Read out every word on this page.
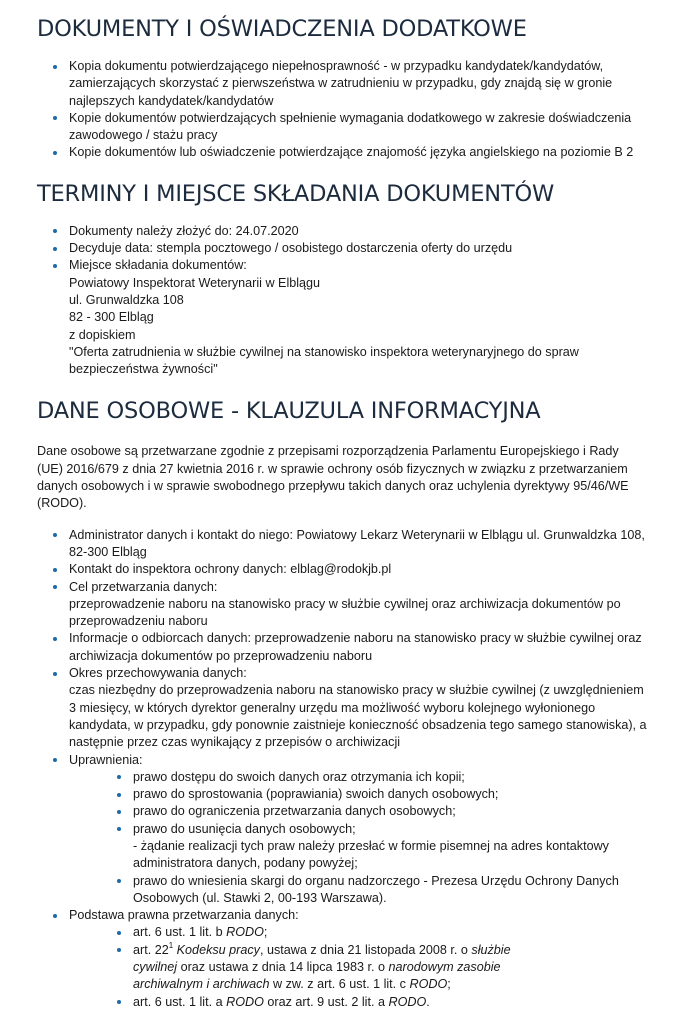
DOKUMENTY I OŚWIADCZENIA DODATKOWE
Kopia dokumentu potwierdzającego niepełnosprawność - w przypadku kandydatek/kandydatów, zamierzających skorzystać z pierwszeństwa w zatrudnieniu w przypadku, gdy znajdą się w gronie najlepszych kandydatek/kandydatów
Kopie dokumentów potwierdzających spełnienie wymagania dodatkowego w zakresie doświadczenia zawodowego / stażu pracy
Kopie dokumentów lub oświadczenie potwierdzające znajomość języka angielskiego na poziomie B 2
TERMINY I MIEJSCE SKŁADANIA DOKUMENTÓW
Dokumenty należy złożyć do: 24.07.2020
Decyduje data: stempla pocztowego / osobistego dostarczenia oferty do urzędu
Miejsce składania dokumentów:
Powiatowy Inspektorat Weterynarii w Elblągu
ul. Grunwaldzka 108
82 - 300 Elbląg
z dopiskiem
"Oferta zatrudnienia w służbie cywilnej na stanowisko inspektora weterynaryjnego do spraw bezpieczeństwa żywności"
DANE OSOBOWE - KLAUZULA INFORMACYJNA

Dane osobowe są przetwarzane zgodnie z przepisami rozporządzenia Parlamentu Europejskiego i Rady (UE) 2016/679 z dnia 27 kwietnia 2016 r. w sprawie ochrony osób fizycznych w związku z przetwarzaniem danych osobowych i w sprawie swobodnego przepływu takich danych oraz uchylenia dyrektywy 95/46/WE (RODO).

Administrator danych i kontakt do niego: Powiatowy Lekarz Weterynarii w Elblągu ul. Grunwaldzka 108, 82-300 Elbląg
Kontakt do inspektora ochrony danych: elblag@rodokjb.pl
Cel przetwarzania danych:
przeprowadzenie naboru na stanowisko pracy w służbie cywilnej oraz archiwizacja dokumentów po przeprowadzeniu naboru
Informacje o odbiorcach danych: przeprowadzenie naboru na stanowisko pracy w służbie cywilnej oraz archiwizacja dokumentów po przeprowadzeniu naboru
Okres przechowywania danych:
czas niezbędny do przeprowadzenia naboru na stanowisko pracy w służbie cywilnej (z uwzględnieniem 3 miesięcy, w których dyrektor generalny urzędu ma możliwość wyboru kolejnego wyłonionego kandydata, w przypadku, gdy ponownie zaistnieje konieczność obsadzenia tego samego stanowiska), a następnie przez czas wynikający z przepisów o archiwizacji
Uprawnienia:
prawo dostępu do swoich danych oraz otrzymania ich kopii;
prawo do sprostowania (poprawiania) swoich danych osobowych;
prawo do ograniczenia przetwarzania danych osobowych;
prawo do usunięcia danych osobowych;
- żądanie realizacji tych praw należy przesłać w formie pisemnej na adres kontaktowy administratora danych, podany powyżej;
prawo do wniesienia skargi do organu nadzorczego - Prezesa Urzędu Ochrony Danych Osobowych (ul. Stawki 2, 00-193 Warszawa).
Podstawa prawna przetwarzania danych:
art. 6 ust. 1 lit. b RODO;
art. $22^1$ Kodeksu pracy, ustawa z dnia 21 listopada 2008 r. o służbie cywilnej oraz ustawa z dnia 14 lipca 1983 r. o narodowym zasobie archiwalnym i archiwach w zw. z art. 6 ust. 1 lit. c RODO;
art. 6 ust. 1 lit. a RODO oraz art. 9 ust. 2 lit. a RODO.
